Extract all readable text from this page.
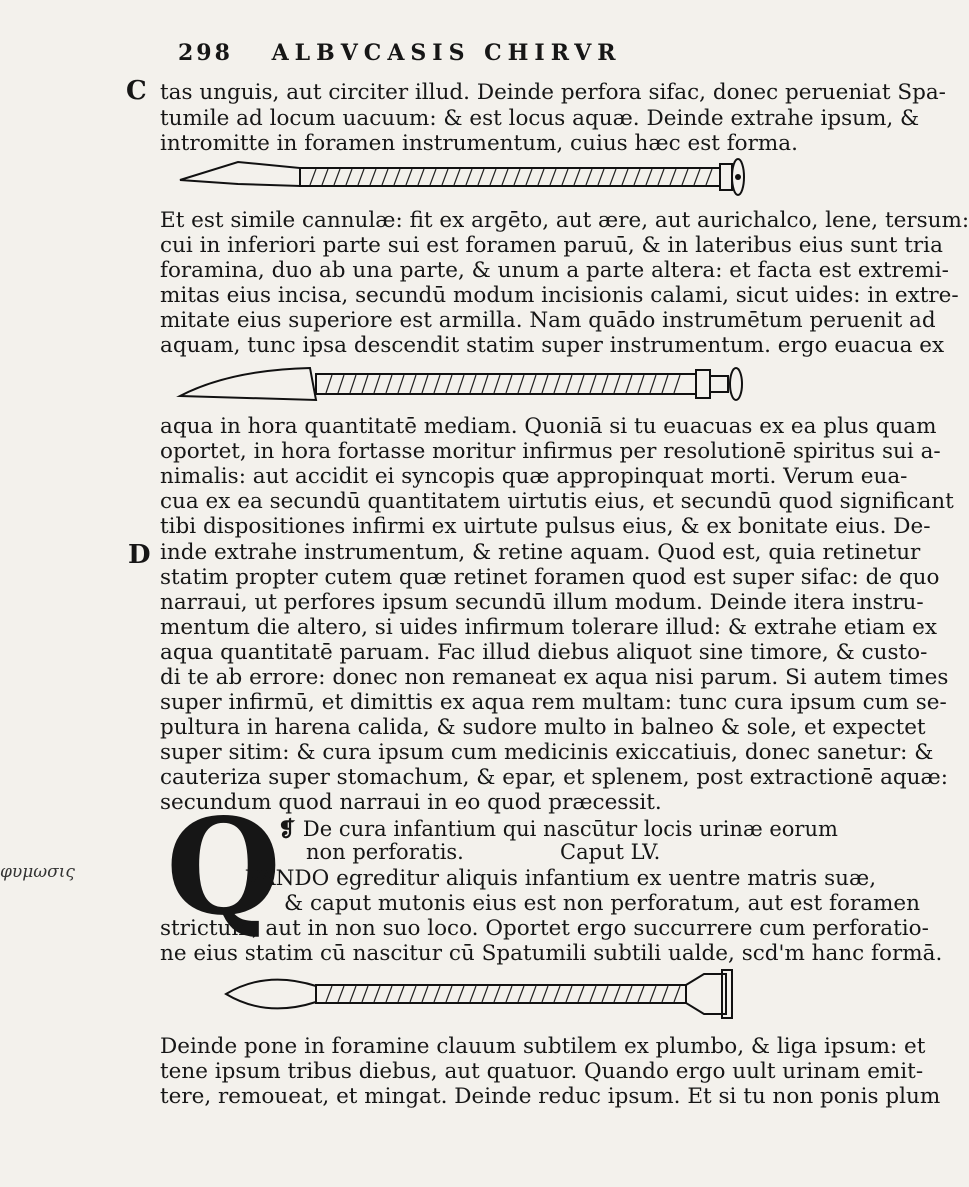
298 ALBVCASIS CHIRVR
C
D
tas unguis, aut circiter illud. Deinde perfora sifac, donec perueniat Spa-
tumile ad locum uacuum: & est locus aquæ. Deinde extrahe ipsum, &
intromitte in foramen instrumentum, cuius hæc est forma.
Et est simile cannulæ: fit ex argēto, aut ære, aut aurichalco, lene, tersum:
cui in inferiori parte sui est foramen paruū, & in lateribus eius sunt tria
foramina, duo ab una parte, & unum a parte altera: et facta est extremi-
mitas eius incisa, secundū modum incisionis calami, sicut uides: in extre-
mitate eius superiore est armilla. Nam quādo instrumētum peruenit ad
aquam, tunc ipsa descendit statim super instrumentum. ergo euacua ex
aqua in hora quantitatē mediam. Quoniā si tu euacuas ex ea plus quam
oportet, in hora fortasse moritur infirmus per resolutionē spiritus sui a-
nimalis: aut accidit ei syncopis quæ appropinquat morti. Verum eua-
cua ex ea secundū quantitatem uirtutis eius, et secundū quod significant
tibi dispositiones infirmi ex uirtute pulsus eius, & ex bonitate eius. De-
inde extrahe instrumentum, & retine aquam. Quod est, quia retinetur
statim propter cutem quæ retinet foramen quod est super sifac: de quo
narraui, ut perfores ipsum secundū illum modum. Deinde itera instru-
mentum die altero, si uides infirmum tolerare illud: & extrahe etiam ex
aqua quantitatē paruam. Fac illud diebus aliquot sine timore, & custo-
di te ab errore: donec non remaneat ex aqua nisi parum. Si autem times
super infirmū, et dimittis ex aqua rem multam: tunc cura ipsum cum se-
pultura in harena calida, & sudore multo in balneo & sole, et expectet
super sitim: & cura ipsum cum medicinis exiccatiuis, donec sanetur: &
cauteriza super stomachum, & epar, et splenem, post extractionē aquæ:
secundum quod narraui in eo quod præcessit.
Q
❡ De cura infantium qui nascūtur locis urinæ eorum
non perforatis.	Caput LV.
VANDO egreditur aliquis infantium ex uentre matris suæ,
& caput mutonis eius est non perforatum, aut est foramen
strictum, aut in non suo loco. Oportet ergo succurrere cum perforatio-
ne eius statim cū nascitur cū Spatumili subtili ualde, scd'm hanc formā.
φυμωσις
Deinde pone in foramine clauum subtilem ex plumbo, & liga ipsum: et
tene ipsum tribus diebus, aut quatuor. Quando ergo uult urinam emit-
tere, remoueat, et mingat. Deinde reduc ipsum. Et si tu non ponis plum
